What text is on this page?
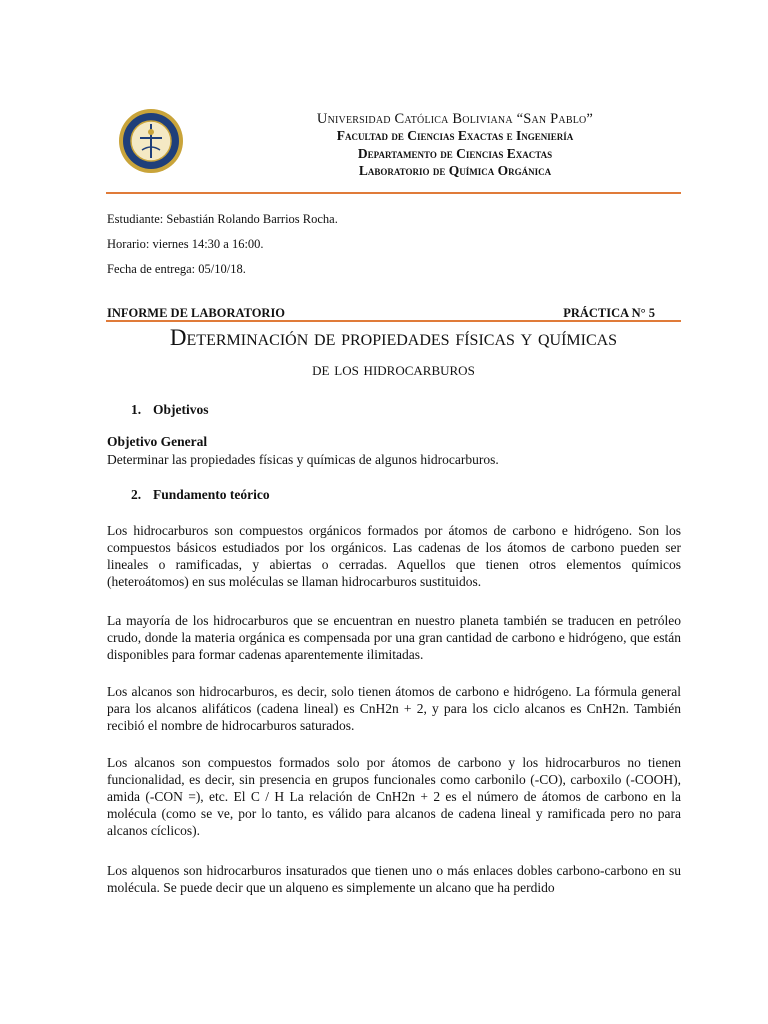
Universidad Católica Boliviana “San Pablo”
Facultad de Ciencias Exactas e Ingeniería
Departamento de Ciencias Exactas
Laboratorio de Química Orgánica
Estudiante: Sebastián Rolando Barrios Rocha.
Horario: viernes 14:30 a 16:00.
Fecha de entrega: 05/10/18.
INFORME DE LABORATORIO	PRÁCTICA N° 5
Determinación de propiedades físicas y químicas
de los hidrocarburos
1. Objetivos
Objetivo General
Determinar las propiedades físicas y químicas de algunos hidrocarburos.
2. Fundamento teórico
Los hidrocarburos son compuestos orgánicos formados por átomos de carbono e hidrógeno. Son los compuestos básicos estudiados por los orgánicos. Las cadenas de los átomos de carbono pueden ser lineales o ramificadas, y abiertas o cerradas. Aquellos que tienen otros elementos químicos (heteroátomos) en sus moléculas se llaman hidrocarburos sustituidos.
La mayoría de los hidrocarburos que se encuentran en nuestro planeta también se traducen en petróleo crudo, donde la materia orgánica es compensada por una gran cantidad de carbono e hidrógeno, que están disponibles para formar cadenas aparentemente ilimitadas.
Los alcanos son hidrocarburos, es decir, solo tienen átomos de carbono e hidrógeno. La fórmula general para los alcanos alifáticos (cadena lineal) es CnH2n + 2, y para los ciclo alcanos es CnH2n. También recibió el nombre de hidrocarburos saturados.
Los alcanos son compuestos formados solo por átomos de carbono y los hidrocarburos no tienen funcionalidad, es decir, sin presencia en grupos funcionales como carbonilo (-CO), carboxilo (-COOH), amida (-CON =), etc. El C / H La relación de CnH2n + 2 es el número de átomos de carbono en la molécula (como se ve, por lo tanto, es válido para alcanos de cadena lineal y ramificada pero no para alcanos cíclicos).
Los alquenos son hidrocarburos insaturados que tienen uno o más enlaces dobles carbono-carbono en su molécula. Se puede decir que un alqueno es simplemente un alcano que ha perdido
